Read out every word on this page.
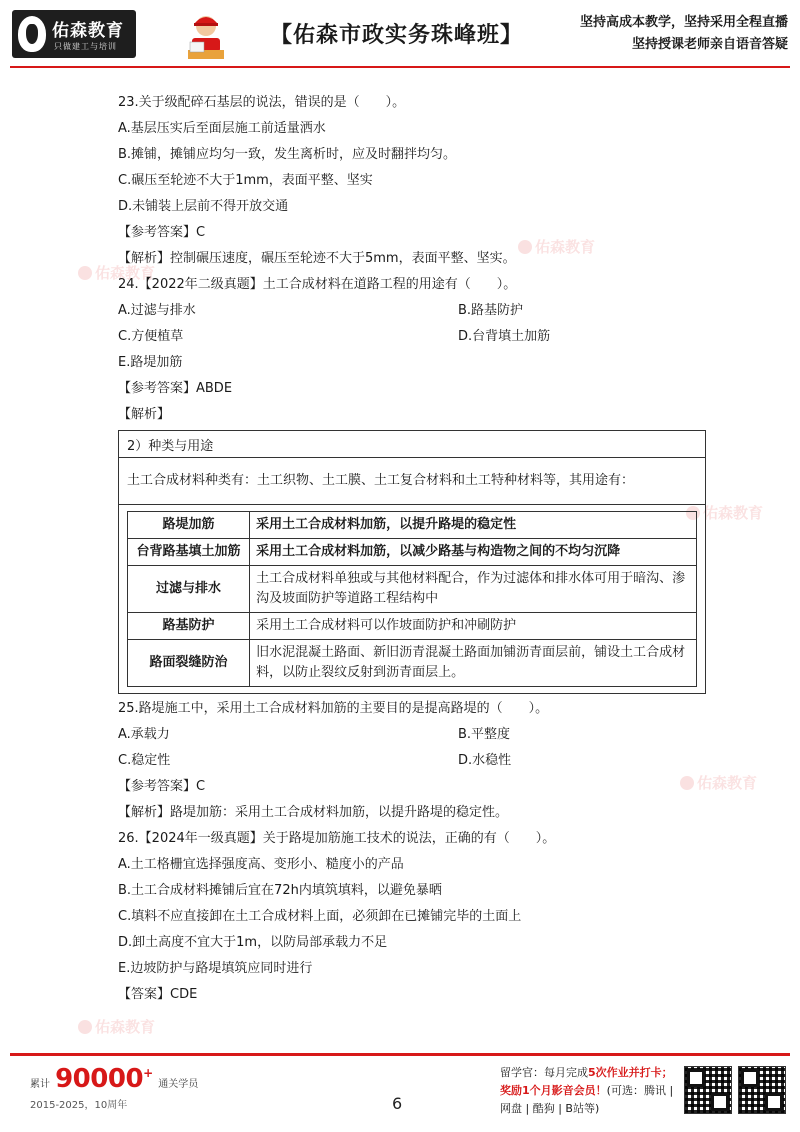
佑森教育
只做建工与培训	【佑森市政实务珠峰班】
坚持高成本教学，坚持采用全程直播
坚持授课老师亲自语音答疑
佑森教育
佑森教育
佑森教育
佑森教育
佑森教育
23.关于级配碎石基层的说法，错误的是（　　）。
A.基层压实后至面层施工前适量洒水
B.摊铺，摊铺应均匀一致，发生离析时，应及时翻拌均匀。
C.碾压至轮迹不大于1mm，表面平整、坚实
D.未铺装上层前不得开放交通
【参考答案】C
【解析】控制碾压速度，碾压至轮迹不大于5mm，表面平整、坚实。
24.【2022年二级真题】土工合成材料在道路工程的用途有（　　）。
A.过滤与排水	B.路基防护
C.方便植草	D.台背填土加筋
E.路堤加筋
【参考答案】ABDE
【解析】
2）种类与用途
土工合成材料种类有：土工织物、土工膜、土工复合材料和土工特种材料等，其用途有：

路堤加筋	采用土工合成材料加筋，以提升路堤的稳定性
台背路基填土加筋	采用土工合成材料加筋，以减少路基与构造物之间的不均匀沉降
过滤与排水	土工合成材料单独或与其他材料配合，作为过滤体和排水体可用于暗沟、渗沟及坡面防护等道路工程结构中
路基防护	采用土工合成材料可以作坡面防护和冲刷防护
路面裂缝防治	旧水泥混凝土路面、新旧沥青混凝土路面加铺沥青面层前，铺设土工合成材料，以防止裂纹反射到沥青面层上。
25.路堤施工中，采用土工合成材料加筋的主要目的是提高路堤的（　　）。
A.承载力	B.平整度
C.稳定性	D.水稳性
【参考答案】C
【解析】路堤加筋：采用土工合成材料加筋，以提升路堤的稳定性。
26.【2024年一级真题】关于路堤加筋施工技术的说法，正确的有（　　）。
A.土工格栅宜选择强度高、变形小、糙度小的产品
B.土工合成材料摊铺后宜在72h内填筑填料，以避免暴晒
C.填料不应直接卸在土工合成材料上面，必须卸在已摊铺完毕的土面上
D.卸土高度不宜大于1m，以防局部承载力不足
E.边坡防护与路堤填筑应同时进行
【答案】CDE
累计 90000+ 通关学员
2015-2025，10周年	6
留学官：每月完成5次作业并打卡；
奖励1个月影音会员！(可选：腾讯 |
网盘 | 酷狗 | B站等)
